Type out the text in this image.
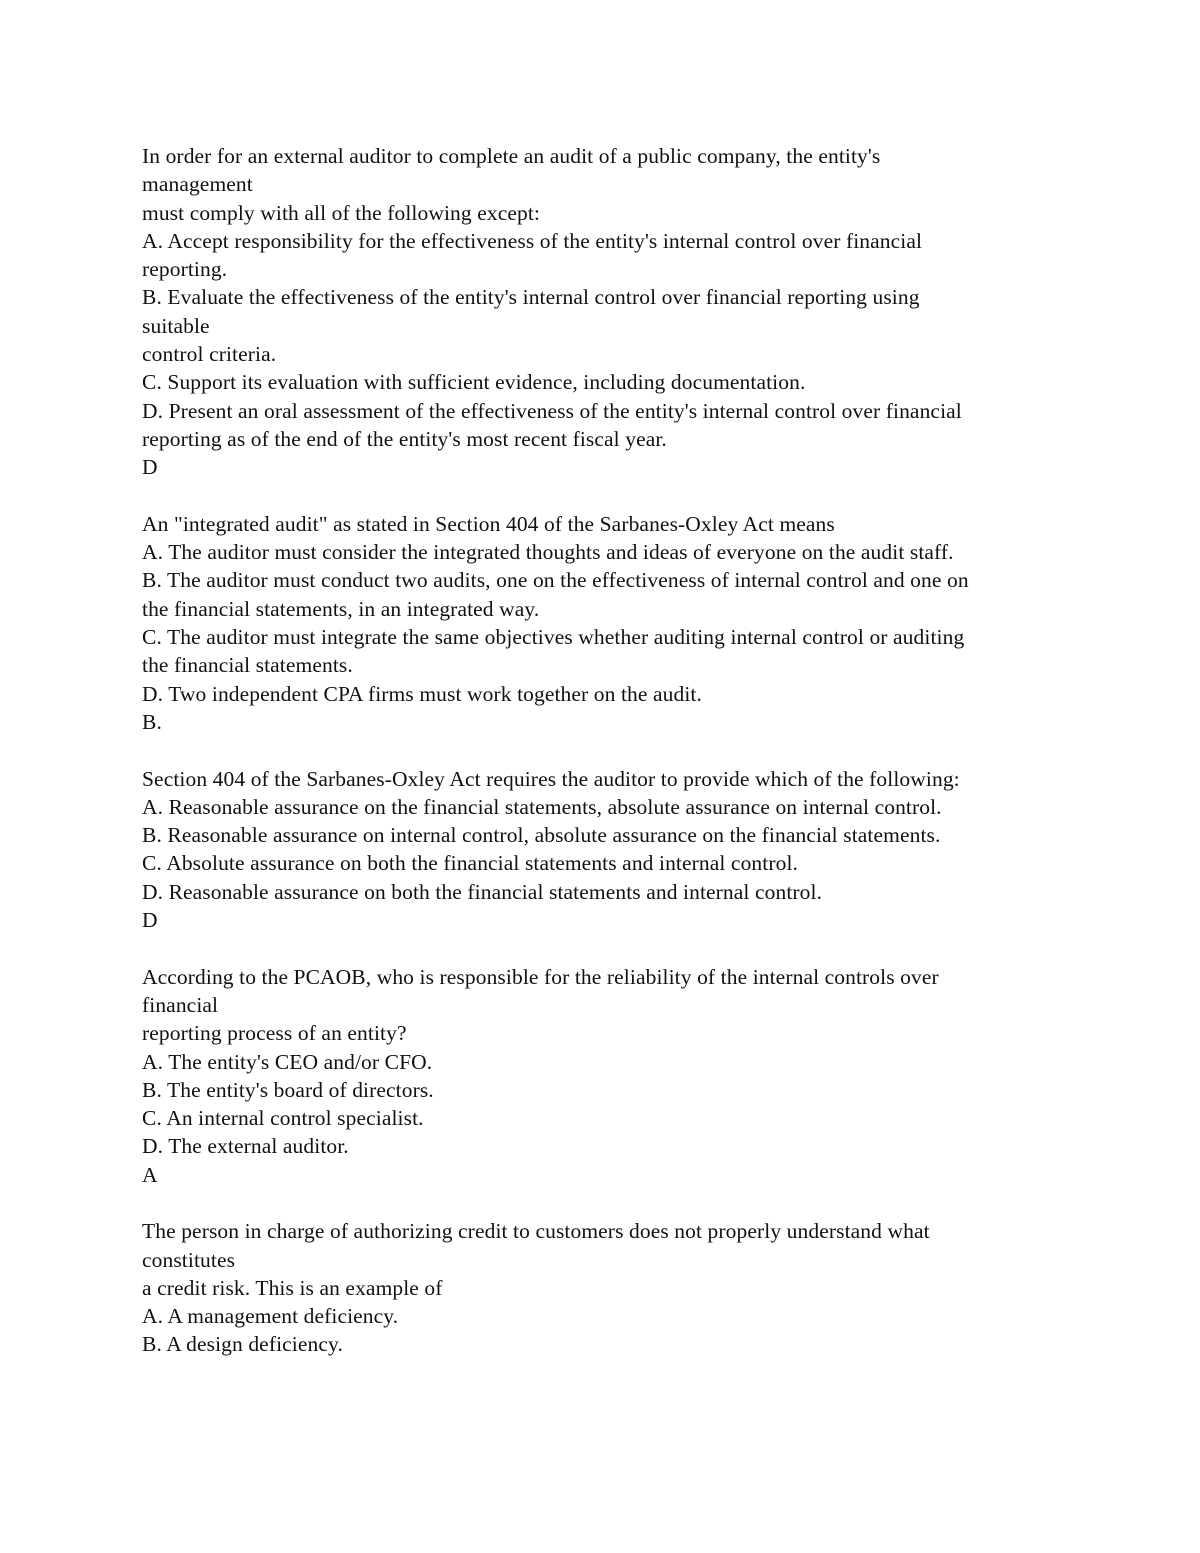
In order for an external auditor to complete an audit of a public company, the entity's
management
must comply with all of the following except:
A. Accept responsibility for the effectiveness of the entity's internal control over financial
reporting.
B. Evaluate the effectiveness of the entity's internal control over financial reporting using
suitable
control criteria.
C. Support its evaluation with sufficient evidence, including documentation.
D. Present an oral assessment of the effectiveness of the entity's internal control over financial
reporting as of the end of the entity's most recent fiscal year.
D
An "integrated audit" as stated in Section 404 of the Sarbanes-Oxley Act means
A. The auditor must consider the integrated thoughts and ideas of everyone on the audit staff.
B. The auditor must conduct two audits, one on the effectiveness of internal control and one on
the financial statements, in an integrated way.
C. The auditor must integrate the same objectives whether auditing internal control or auditing
the financial statements.
D. Two independent CPA firms must work together on the audit.
B.
Section 404 of the Sarbanes-Oxley Act requires the auditor to provide which of the following:
A. Reasonable assurance on the financial statements, absolute assurance on internal control.
B. Reasonable assurance on internal control, absolute assurance on the financial statements.
C. Absolute assurance on both the financial statements and internal control.
D. Reasonable assurance on both the financial statements and internal control.
D
According to the PCAOB, who is responsible for the reliability of the internal controls over
financial
reporting process of an entity?
A. The entity's CEO and/or CFO.
B. The entity's board of directors.
C. An internal control specialist.
D. The external auditor.
A
The person in charge of authorizing credit to customers does not properly understand what
constitutes
a credit risk. This is an example of
A. A management deficiency.
B. A design deficiency.
